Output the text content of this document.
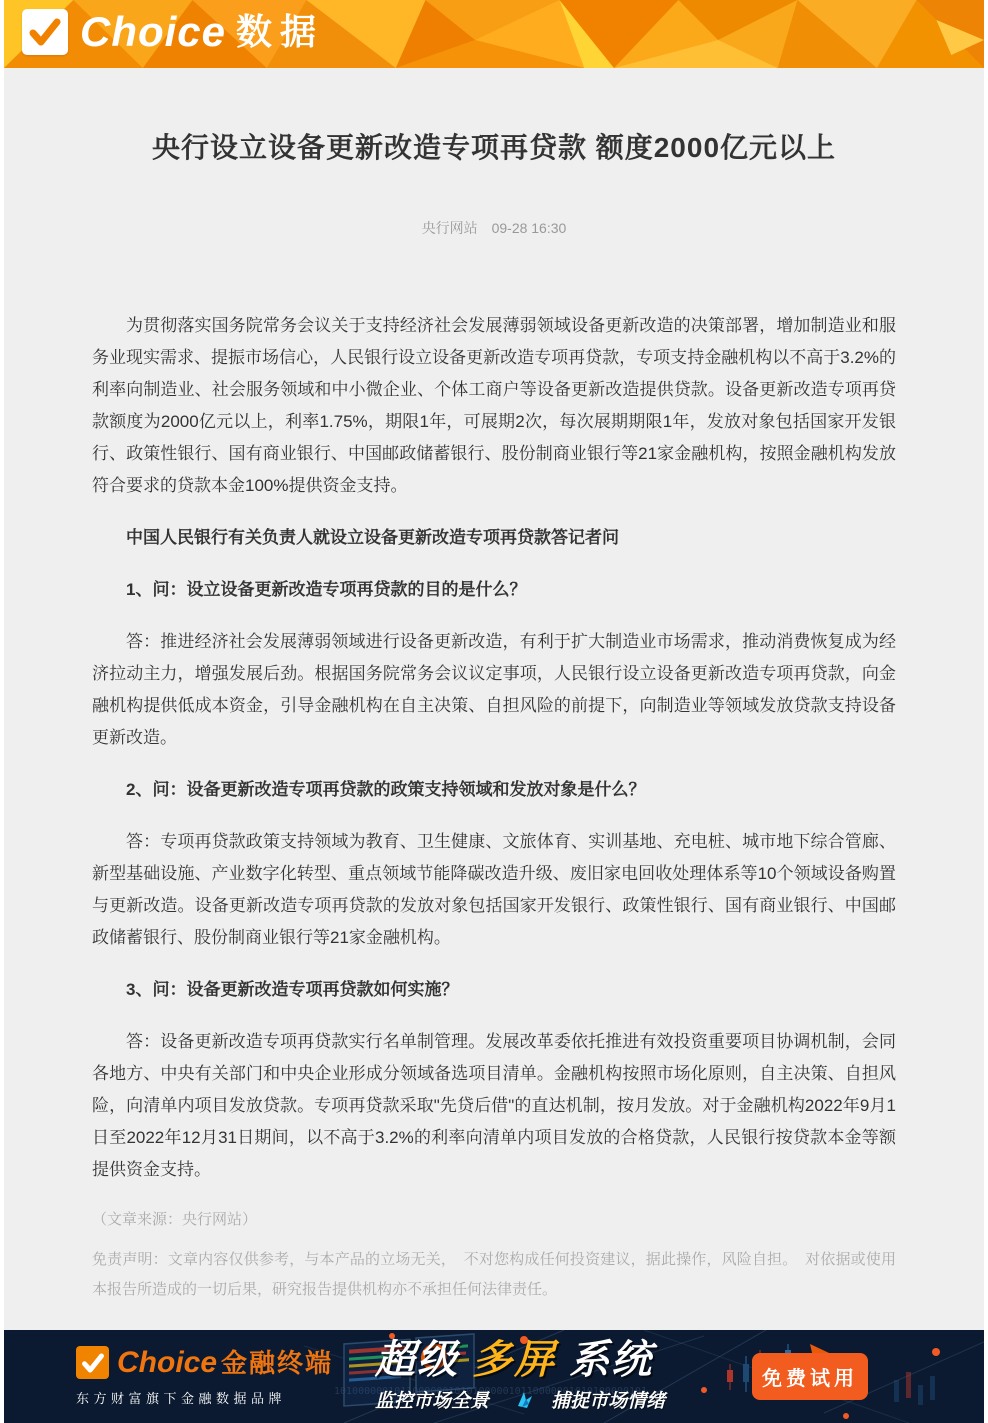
Choice 数据
央行设立设备更新改造专项再贷款 额度2000亿元以上
央行网站 09-28 16:30
为贯彻落实国务院常务会议关于支持经济社会发展薄弱领域设备更新改造的决策部署，增加制造业和服务业现实需求、提振市场信心，人民银行设立设备更新改造专项再贷款，专项支持金融机构以不高于3.2%的利率向制造业、社会服务领域和中小微企业、个体工商户等设备更新改造提供贷款。设备更新改造专项再贷款额度为2000亿元以上，利率1.75%，期限1年，可展期2次，每次展期期限1年，发放对象包括国家开发银行、政策性银行、国有商业银行、中国邮政储蓄银行、股份制商业银行等21家金融机构，按照金融机构发放符合要求的贷款本金100%提供资金支持。
中国人民银行有关负责人就设立设备更新改造专项再贷款答记者问
1、问：设立设备更新改造专项再贷款的目的是什么？
答：推进经济社会发展薄弱领域进行设备更新改造，有利于扩大制造业市场需求，推动消费恢复成为经济拉动主力，增强发展后劲。根据国务院常务会议议定事项，人民银行设立设备更新改造专项再贷款，向金融机构提供低成本资金，引导金融机构在自主决策、自担风险的前提下，向制造业等领域发放贷款支持设备更新改造。
2、问：设备更新改造专项再贷款的政策支持领域和发放对象是什么？
答：专项再贷款政策支持领域为教育、卫生健康、文旅体育、实训基地、充电桩、城市地下综合管廊、新型基础设施、产业数字化转型、重点领域节能降碳改造升级、废旧家电回收处理体系等10个领域设备购置与更新改造。设备更新改造专项再贷款的发放对象包括国家开发银行、政策性银行、国有商业银行、中国邮政储蓄银行、股份制商业银行等21家金融机构。
3、问：设备更新改造专项再贷款如何实施？
答：设备更新改造专项再贷款实行名单制管理。发展改革委依托推进有效投资重要项目协调机制，会同各地方、中央有关部门和中央企业形成分领域备选项目清单。金融机构按照市场化原则，自主决策、自担风险，向清单内项目发放贷款。专项再贷款采取"先贷后借"的直达机制，按月发放。对于金融机构2022年9月1日至2022年12月31日期间，以不高于3.2%的利率向清单内项目发放的合格贷款，人民银行按贷款本金等额提供资金支持。
（文章来源：央行网站）
免责声明：文章内容仅供参考，与本产品的立场无关，　不对您构成任何投资建议，据此操作，风险自担。　对依据或使用本报告所造成的一切后果，研究报告提供机构亦不承担任何法律责任。
1010000001011000000101010000010110000001010100000101
Choice 金融终端
东方财富旗下金融数据品牌
超级 多屏 系统
监控市场全景	捕捉市场情绪
免费试用
